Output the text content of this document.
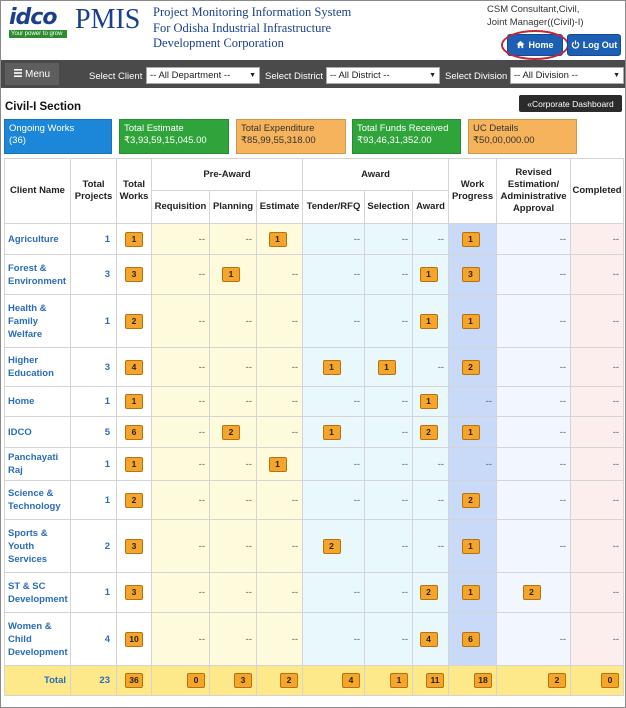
idco
Your power to grow PMIS Project Monitoring Information System
For Odisha Industrial Infrastructure
Development Corporation
CSM Consultant,Civil,
Joint Manager((Civil)-I)
Home	Log Out
Menu	Select Client -- All Department --	▼ Select District -- All District --	▼ Select Division -- All Division --	▼
Civil-I Section	« Corporate Dashboard
Ongoing Works
(36)
Total Estimate
₹3,93,59,15,045.00
Total Expenditure
₹85,99,55,318.00
Total Funds Received
₹93,46,31,352.00
UC Details
₹50,00,000.00
Client Name	Total Projects	Total Works	Pre-Award			Award			Work Progress	Revised Estimation/ Administrative Approval	Completed
			Requisition	Planning	Estimate	Tender/RFQ	Selection	Award			
Agriculture	1	1	--	--	1	--	--	--	1	--	--
Forest & Environment	3	3	--	1	--	--	--	1	3	--	--
Health & Family Welfare	1	2	--	--	--	--	--	1	1	--	--
Higher Education	3	4	--	--	--	1	1	--	2	--	--
Home	1	1	--	--	--	--	--	1	--	--	--
IDCO	5	6	--	2	--	1	--	2	1	--	--
Panchayati Raj	1	1	--	--	1	--	--	--	--	--	--
Science & Technology	1	2	--	--	--	--	--	--	2	--	--
Sports & Youth Services	2	3	--	--	--	2	--	--	1	--	--
ST & SC Development	1	3	--	--	--	--	--	2	1	2	--
Women & Child Development	4	10	--	--	--	--	--	4	6	--	--
Total	23	36	0	3	2	4	1	11	18	2	0
